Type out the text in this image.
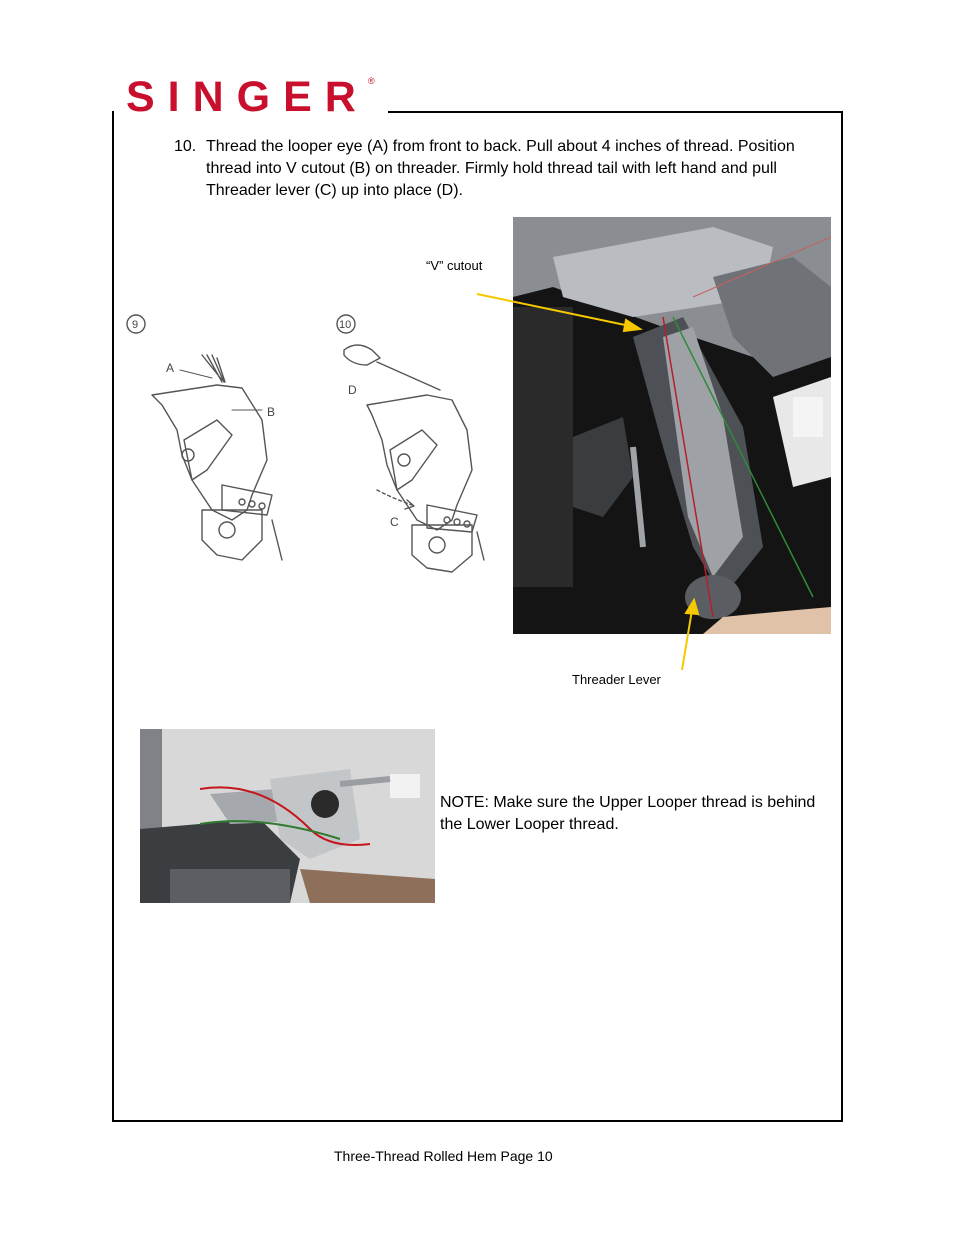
SINGER ®
10. Thread the looper eye (A) from front to back. Pull about 4 inches of thread. Position thread into V cutout (B) on threader. Firmly hold thread tail with left hand and pull Threader lever (C) up into place (D).
9	10
A
B
D
C
“V” cutout
Threader Lever
NOTE: Make sure the Upper Looper thread is behind the Lower Looper thread.
Three-Thread Rolled Hem Page 10
